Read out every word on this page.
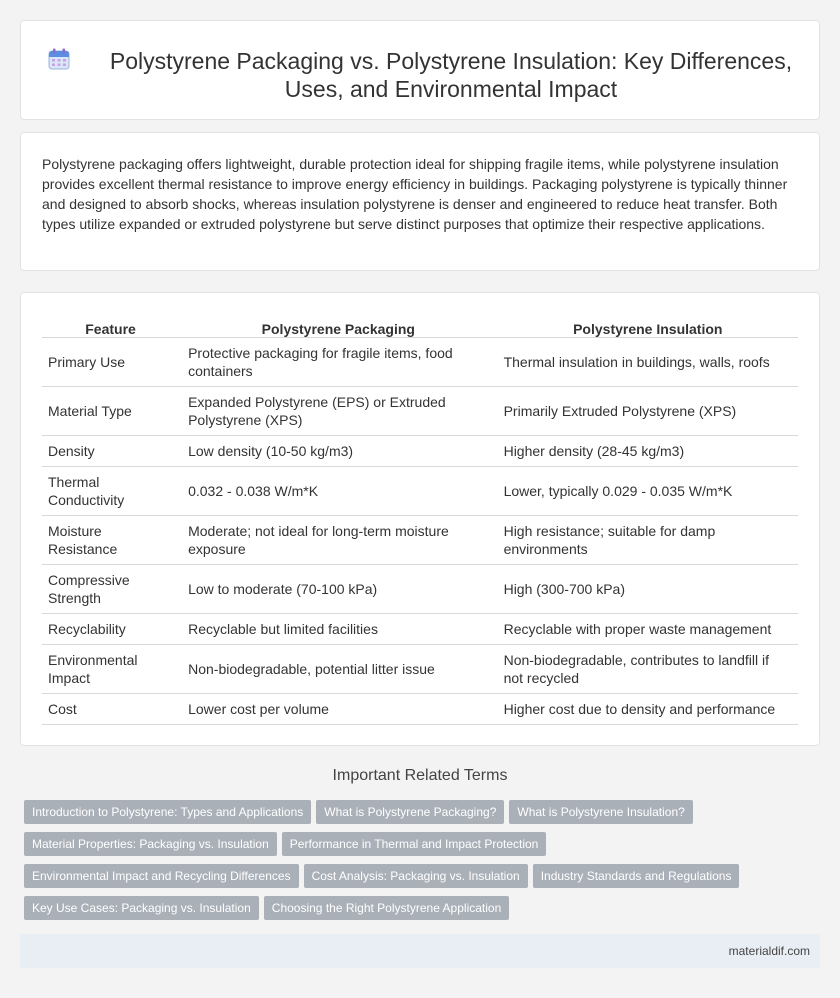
Polystyrene Packaging vs. Polystyrene Insulation: Key Differences, Uses, and Environmental Impact

Polystyrene packaging offers lightweight, durable protection ideal for shipping fragile items, while polystyrene insulation provides excellent thermal resistance to improve energy efficiency in buildings. Packaging polystyrene is typically thinner and designed to absorb shocks, whereas insulation polystyrene is denser and engineered to reduce heat transfer. Both types utilize expanded or extruded polystyrene but serve distinct purposes that optimize their respective applications.

Feature		Polystyrene Packaging		Polystyrene Insulation
Primary Use		Protective packaging for fragile items, food containers		Thermal insulation in buildings, walls, roofs
Material Type		Expanded Polystyrene (EPS) or Extruded Polystyrene (XPS)		Primarily Extruded Polystyrene (XPS)
Density		Low density (10-50 kg/m3)		Higher density (28-45 kg/m3)
Thermal Conductivity		0.032 - 0.038 W/m*K		Lower, typically 0.029 - 0.035 W/m*K
Moisture Resistance		Moderate; not ideal for long-term moisture exposure		High resistance; suitable for damp environments
Compressive Strength		Low to moderate (70-100 kPa)		High (300-700 kPa)
Recyclability		Recyclable but limited facilities		Recyclable with proper waste management
Environmental Impact		Non-biodegradable, potential litter issue		Non-biodegradable, contributes to landfill if not recycled
Cost		Lower cost per volume		Higher cost due to density and performance
Important Related Terms
Introduction to Polystyrene: Types and Applications What is Polystyrene Packaging? What is Polystyrene Insulation?
Material Properties: Packaging vs. Insulation Performance in Thermal and Impact Protection
Environmental Impact and Recycling Differences Cost Analysis: Packaging vs. Insulation Industry Standards and Regulations
Key Use Cases: Packaging vs. Insulation Choosing the Right Polystyrene Application
materialdif.com
